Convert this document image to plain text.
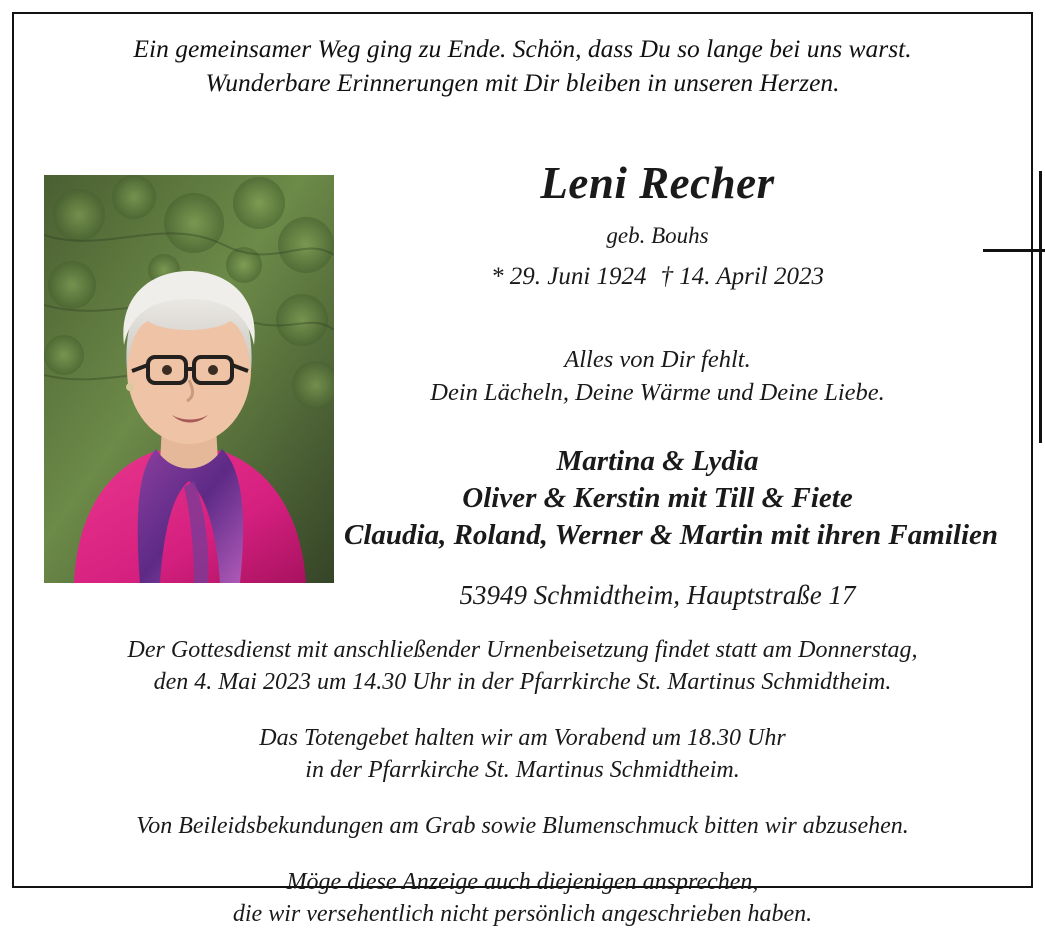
Ein gemeinsamer Weg ging zu Ende. Schön, dass Du so lange bei uns warst.
Wunderbare Erinnerungen mit Dir bleiben in unseren Herzen.
Leni Recher
geb. Bouhs
* 29. Juni 1924 † 14. April 2023
Alles von Dir fehlt.
Dein Lächeln, Deine Wärme und Deine Liebe.
Martina & Lydia
Oliver & Kerstin mit Till & Fiete
Claudia, Roland, Werner & Martin mit ihren Familien
53949 Schmidtheim, Hauptstraße 17
Der Gottesdienst mit anschließender Urnenbeisetzung findet statt am Donnerstag,
den 4. Mai 2023 um 14.30 Uhr in der Pfarrkirche St. Martinus Schmidtheim.
Das Totengebet halten wir am Vorabend um 18.30 Uhr
in der Pfarrkirche St. Martinus Schmidtheim.
Von Beileidsbekundungen am Grab sowie Blumenschmuck bitten wir abzusehen.
Möge diese Anzeige auch diejenigen ansprechen,
die wir versehentlich nicht persönlich angeschrieben haben.
